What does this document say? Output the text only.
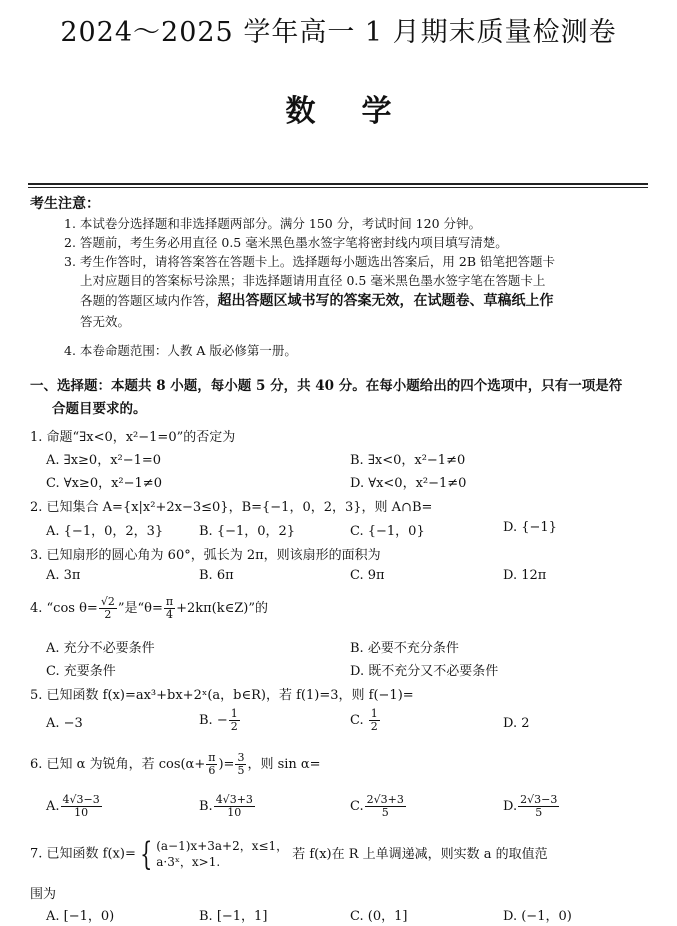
2024～2025 学年高一 1 月期末质量检测卷
数学
考生注意：
1. 本试卷分选择题和非选择题两部分。满分 150 分，考试时间 120 分钟。
2. 答题前，考生务必用直径 0.5 毫米黑色墨水签字笔将密封线内项目填写清楚。
3. 考生作答时，请将答案答在答题卡上。选择题每小题选出答案后，用 2B 铅笔把答题卡
上对应题目的答案标号涂黑；非选择题请用直径 0.5 毫米黑色墨水签字笔在答题卡上
各题的答题区域内作答，超出答题区域书写的答案无效，在试题卷、草稿纸上作
答无效。
4. 本卷命题范围：人教 A 版必修第一册。
一、选择题：本题共 8 小题，每小题 5 分，共 40 分。在每小题给出的四个选项中，只有一项是符
合题目要求的。
1. 命题“∃x<0，x²−1=0”的否定为
A. ∃x≥0，x²−1=0	B. ∃x<0，x²−1≠0
C. ∀x≥0，x²−1≠0	D. ∀x<0，x²−1≠0
2. 已知集合 A={x|x²+2x−3≤0}，B={−1，0，2，3}，则 A∩B=
A. {−1，0，2，3}	B. {−1，0，2}	C. {−1，0}	D. {−1}
3. 已知扇形的圆心角为 60°，弧长为 2π，则该扇形的面积为
A. 3π	B. 6π	C. 9π	D. 12π
4. “cos $\theta= \frac{√2}{2}$ ”是“$\theta= \frac{\pi}{4}$ +2kπ(k∈Z)”的
A. 充分不必要条件	B. 必要不充分条件
C. 充要条件	D. 既不充分又不必要条件
5. 已知函数 f(x)=ax³+bx+2ˣ(a，b∈R)，若 f(1)=3，则 f(−1)=
A. −3	B. − $\frac{1}{2}$	C. $\frac{1}{2}$	D. 2
6. 已知 α 为锐角，若 $\cos(\alpha+ \frac{\pi}{6}$ )= $\frac{3}{5}$ ，则 sin α=
A. $\frac{4√3-3}{10}$	B. $\frac{4√3+3}{10}$	C. $\frac{2√3+3}{5}$	D. $\frac{2√3-3}{5}$
7. 已知函数 f(x)= { (a−1)x+3a+2，x≤1，
a·3ˣ，x>1.
若 f(x)在 R 上单调递减，则实数 a 的取值范
围为
A. [−1，0)	B. [−1，1]	C. (0，1]	D. (−1，0)
